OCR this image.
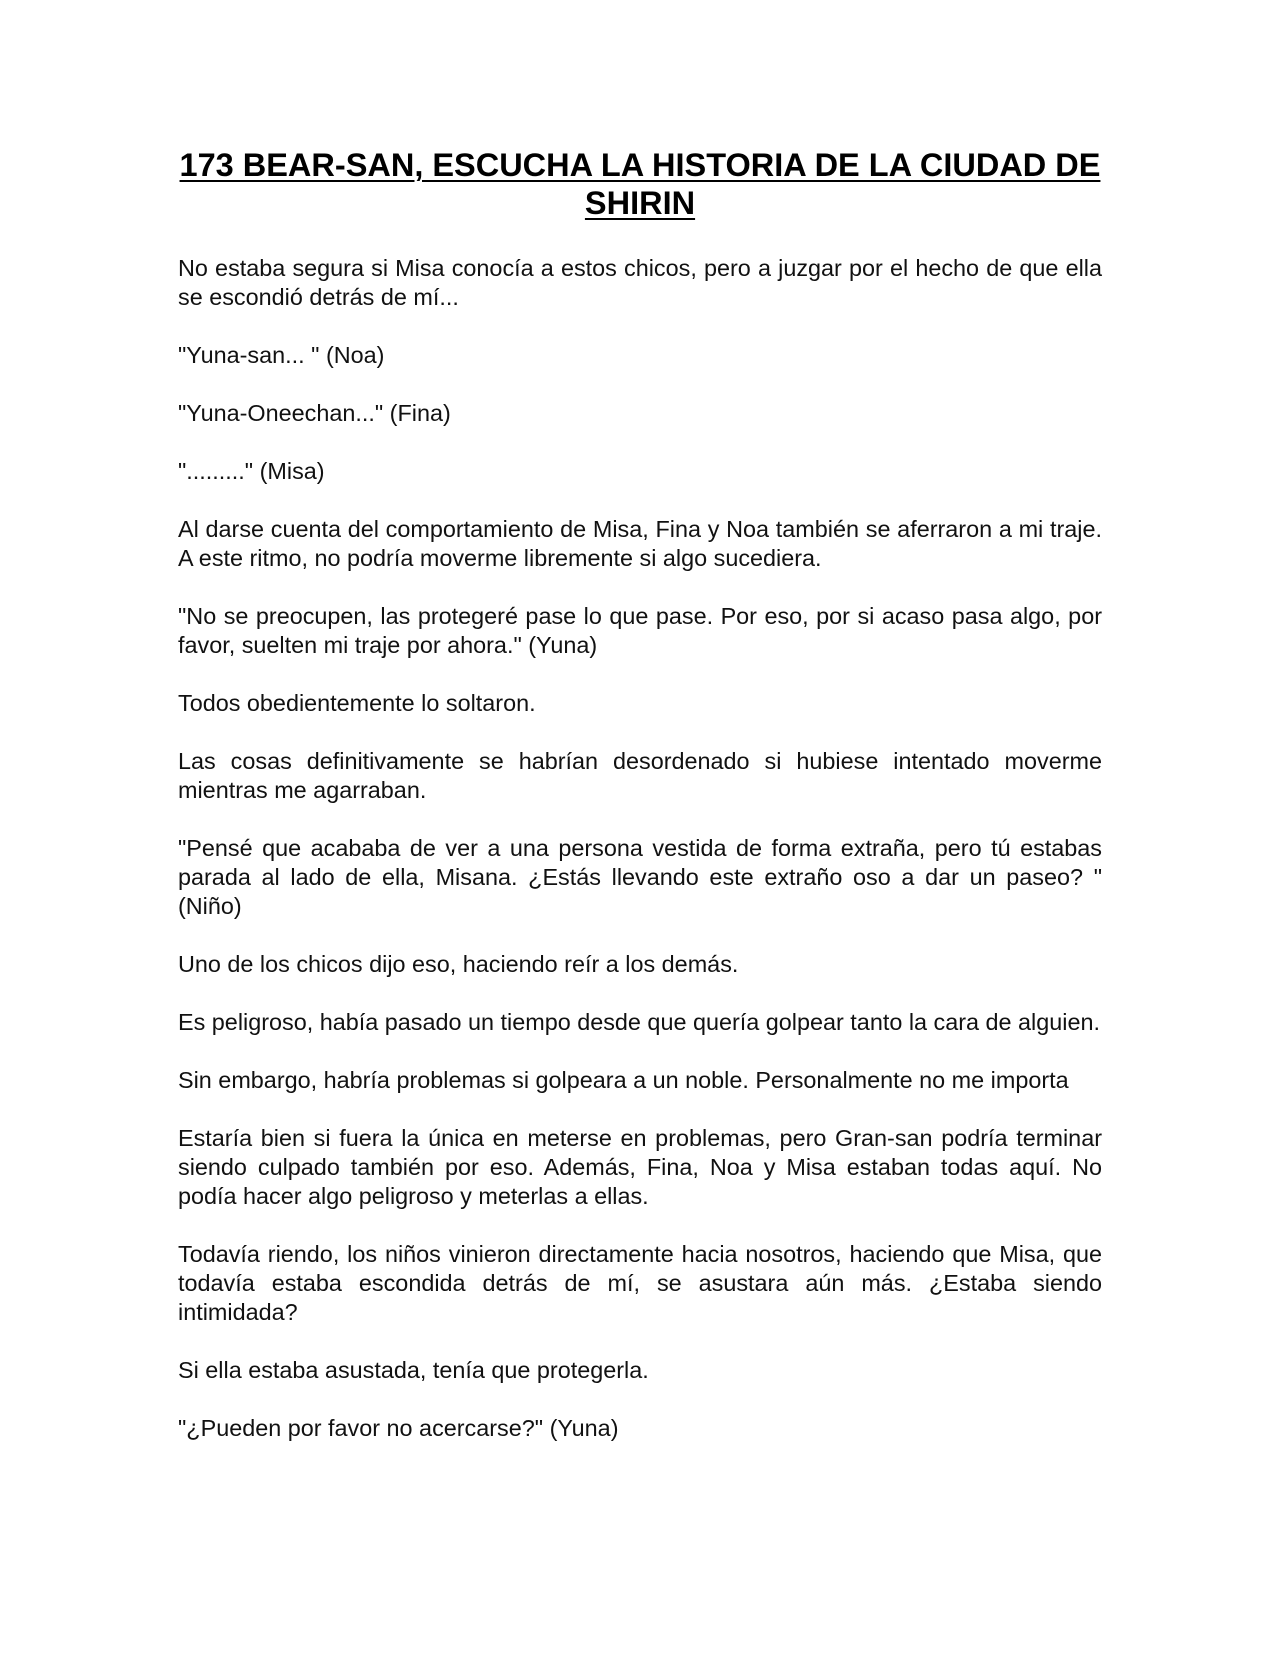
173 BEAR-SAN, ESCUCHA LA HISTORIA DE LA CIUDAD DE SHIRIN

No estaba segura si Misa conocía a estos chicos, pero a juzgar por el hecho de que ella se escondió detrás de mí...

"Yuna-san... " (Noa)

"Yuna-Oneechan..." (Fina)

"........." (Misa)

Al darse cuenta del comportamiento de Misa, Fina y Noa también se aferraron a mi traje. A este ritmo, no podría moverme libremente si algo sucediera.

"No se preocupen, las protegeré pase lo que pase. Por eso, por si acaso pasa algo, por favor, suelten mi traje por ahora." (Yuna)

Todos obedientemente lo soltaron.

Las cosas definitivamente se habrían desordenado si hubiese intentado moverme mientras me agarraban.

"Pensé que acababa de ver a una persona vestida de forma extraña, pero tú estabas parada al lado de ella, Misana. ¿Estás llevando este extraño oso a dar un paseo? " (Niño)

Uno de los chicos dijo eso, haciendo reír a los demás.

Es peligroso, había pasado un tiempo desde que quería golpear tanto la cara de alguien.

Sin embargo, habría problemas si golpeara a un noble. Personalmente no me importa

Estaría bien si fuera la única en meterse en problemas, pero Gran-san podría terminar siendo culpado también por eso. Además, Fina, Noa y Misa estaban todas aquí. No podía hacer algo peligroso y meterlas a ellas.

Todavía riendo, los niños vinieron directamente hacia nosotros, haciendo que Misa, que todavía estaba escondida detrás de mí, se asustara aún más. ¿Estaba siendo intimidada?

Si ella estaba asustada, tenía que protegerla.

"¿Pueden por favor no acercarse?" (Yuna)
